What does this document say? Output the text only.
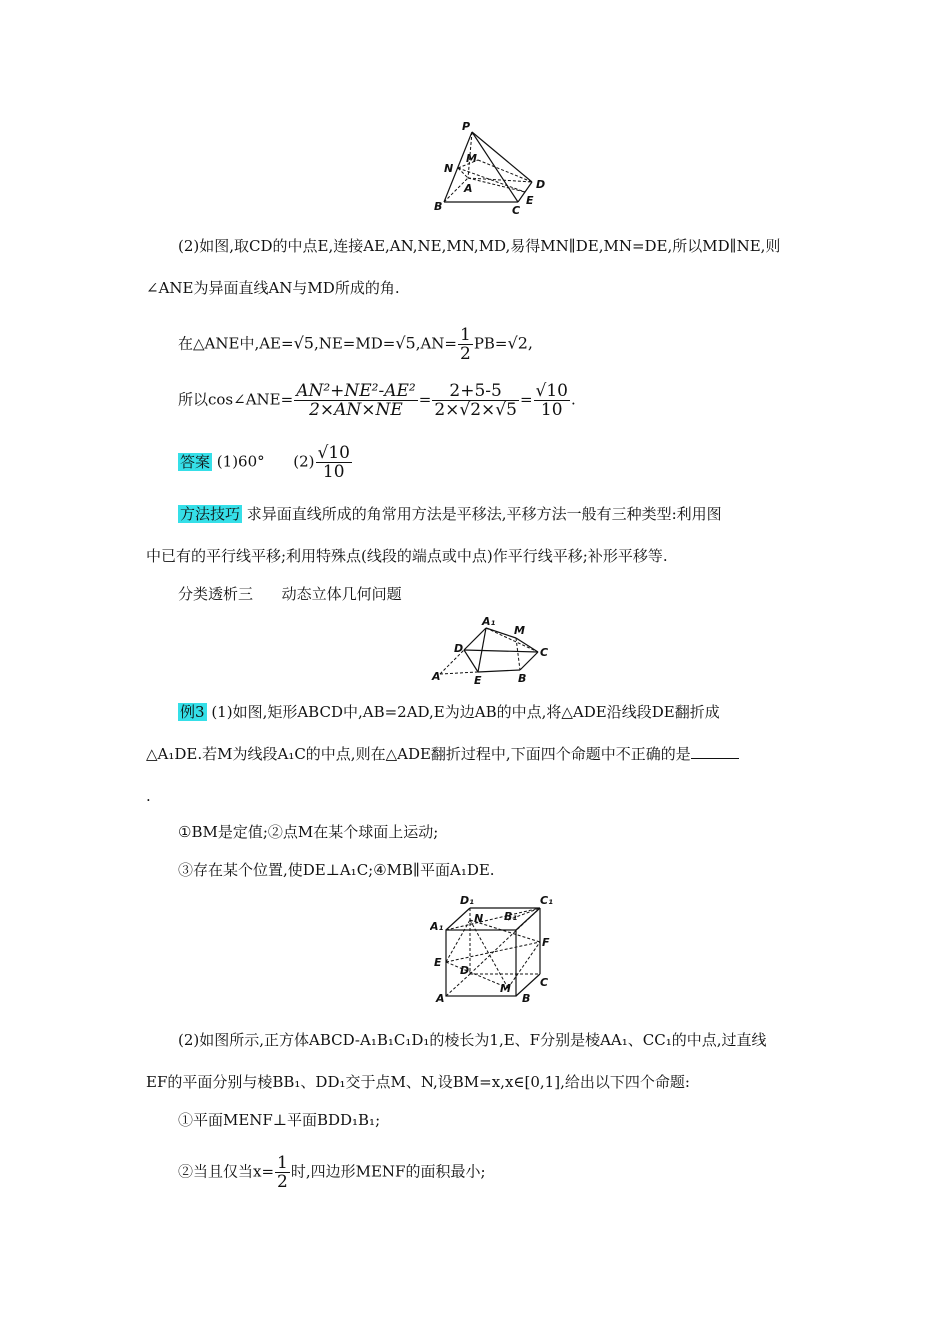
P
N
M
A
B	C
D
E
(2)如图,取CD的中点E,连接AE,AN,NE,MN,MD,易得MN∥DE,MN=DE,所以MD∥NE,则
∠ANE为异面直线AN与MD所成的角.
在△ANE中$,AE=√5,NE=MD=√5,AN= \frac{1}{2} PB=√2$,
所以cos∠ANE= $\frac{\text{AN²+NE²-AE²}}{2\times AN\times NE} = \frac{2+5-5}{2\times√2\times√5} = \frac{√10}{10}$ .
答案 (1)60° $(2) \frac{√10}{10}$
方法技巧 求异面直线所成的角常用方法是平移法,平移方法一般有三种类型:利用图
中已有的平行线平移;利用特殊点(线段的端点或中点)作平行线平移;补形平移等.
分类透析三 动态立体几何问题
A₁
M
D	C
A	E	B
例3 (1)如图,矩形ABCD中,AB=2AD,E为边AB的中点,将△ADE沿线段DE翻折成
△A₁DE.若M为线段A₁C的中点,则在△ADE翻折过程中,下面四个命题中不正确的是
.
①BM是定值;②点M在某个球面上运动;
③存在某个位置,使DE⊥A₁C;④MB∥平面A₁DE.
D₁	C₁
A₁
N B₁
F
E
D
C
M
A	B
(2)如图所示,正方体ABCD-A₁B₁C₁D₁的棱长为1,E、F分别是棱AA₁、CC₁的中点,过直线
EF的平面分别与棱BB₁、DD₁交于点M、N,设BM=x,x∈[0,1],给出以下四个命题:
①平面MENF⊥平面BDD₁B₁;
②当且仅当$x= \frac{1}{2}$ 时,四边形MENF的面积最小;
